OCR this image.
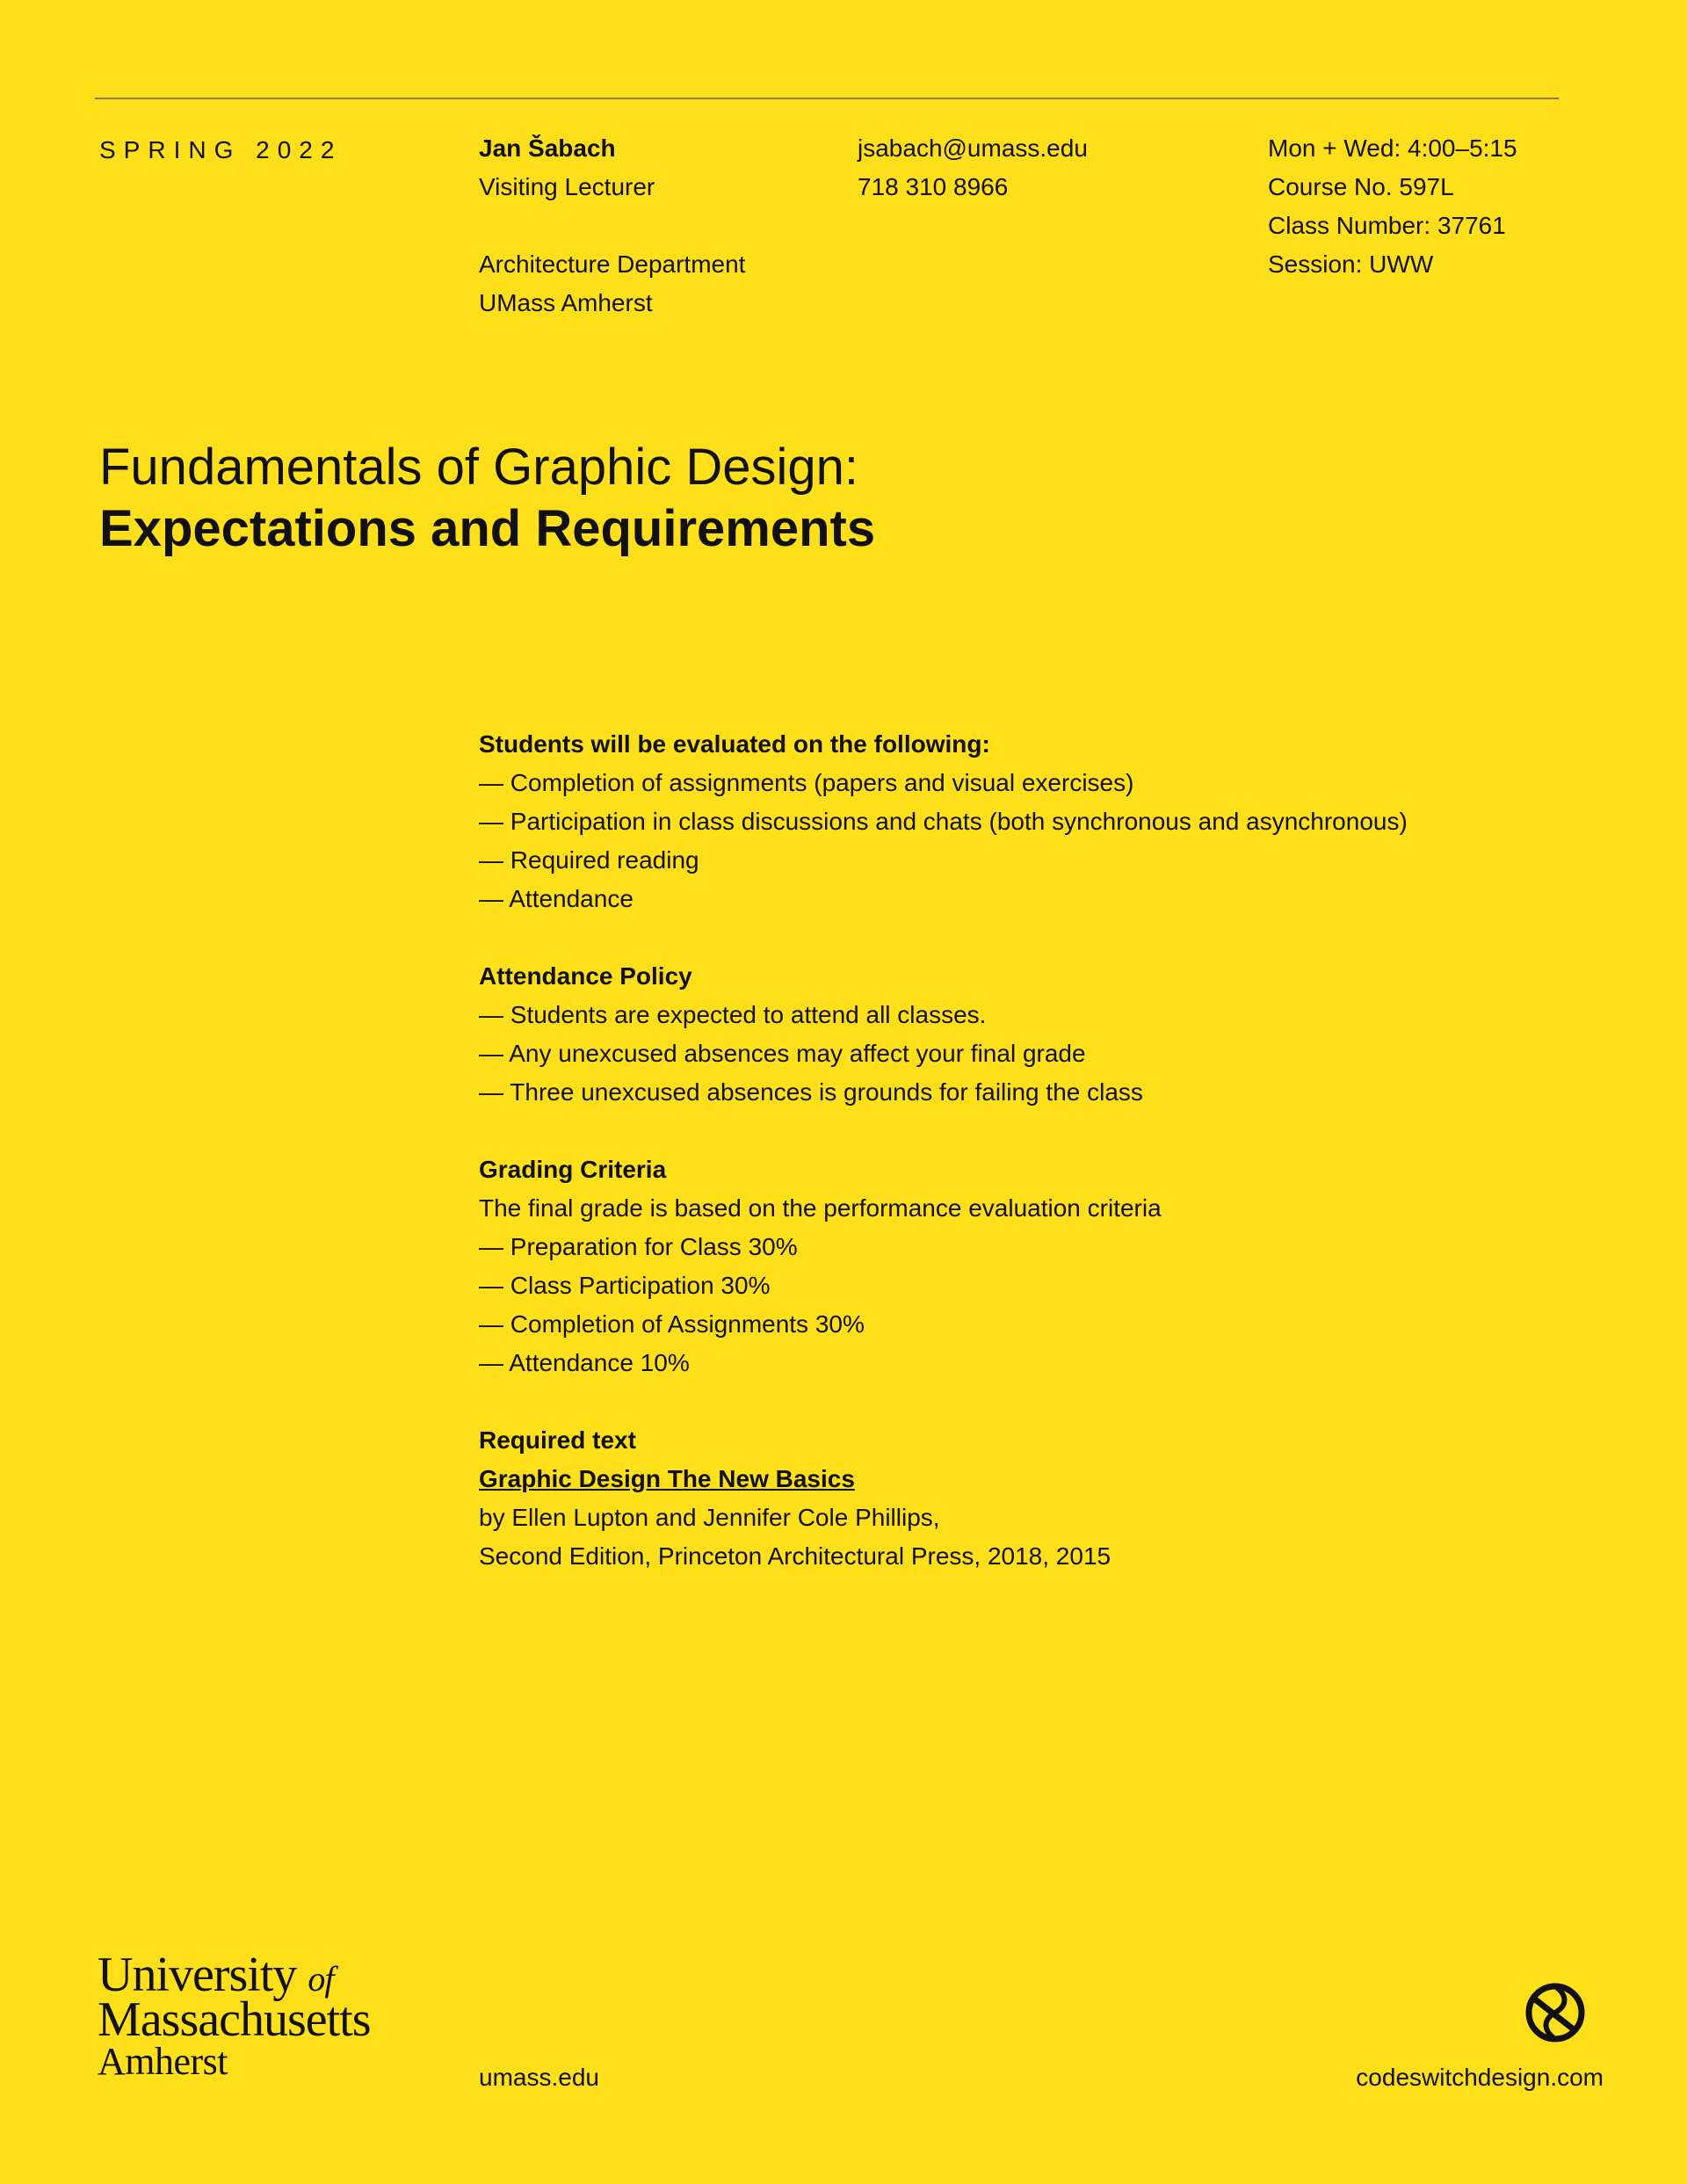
SPRING 2022	Jan Šabach

Visiting Lecturer

Architecture Department

UMass Amherst

jsabach@umass.edu

718 310 8966

Mon + Wed: 4:00–5:15

Course No. 597L

Class Number: 37761

Session: UWW

Fundamentals of Graphic Design:

Expectations and Requirements

Students will be evaluated on the following:

— Completion of assignments (papers and visual exercises)

— Participation in class discussions and chats (both synchronous and asynchronous)

— Required reading

— Attendance

Attendance Policy

— Students are expected to attend all classes.

— Any unexcused absences may affect your final grade

— Three unexcused absences is grounds for failing the class

Grading Criteria

The final grade is based on the performance evaluation criteria

— Preparation for Class 30%

— Class Participation 30%

— Completion of Assignments 30%

— Attendance 10%

Required text

Graphic Design The New Basics

by Ellen Lupton and Jennifer Cole Phillips,

Second Edition, Princeton Architectural Press, 2018, 2015

University of
Massachusetts
Amherst	umass.edu	codeswitchdesign.com
